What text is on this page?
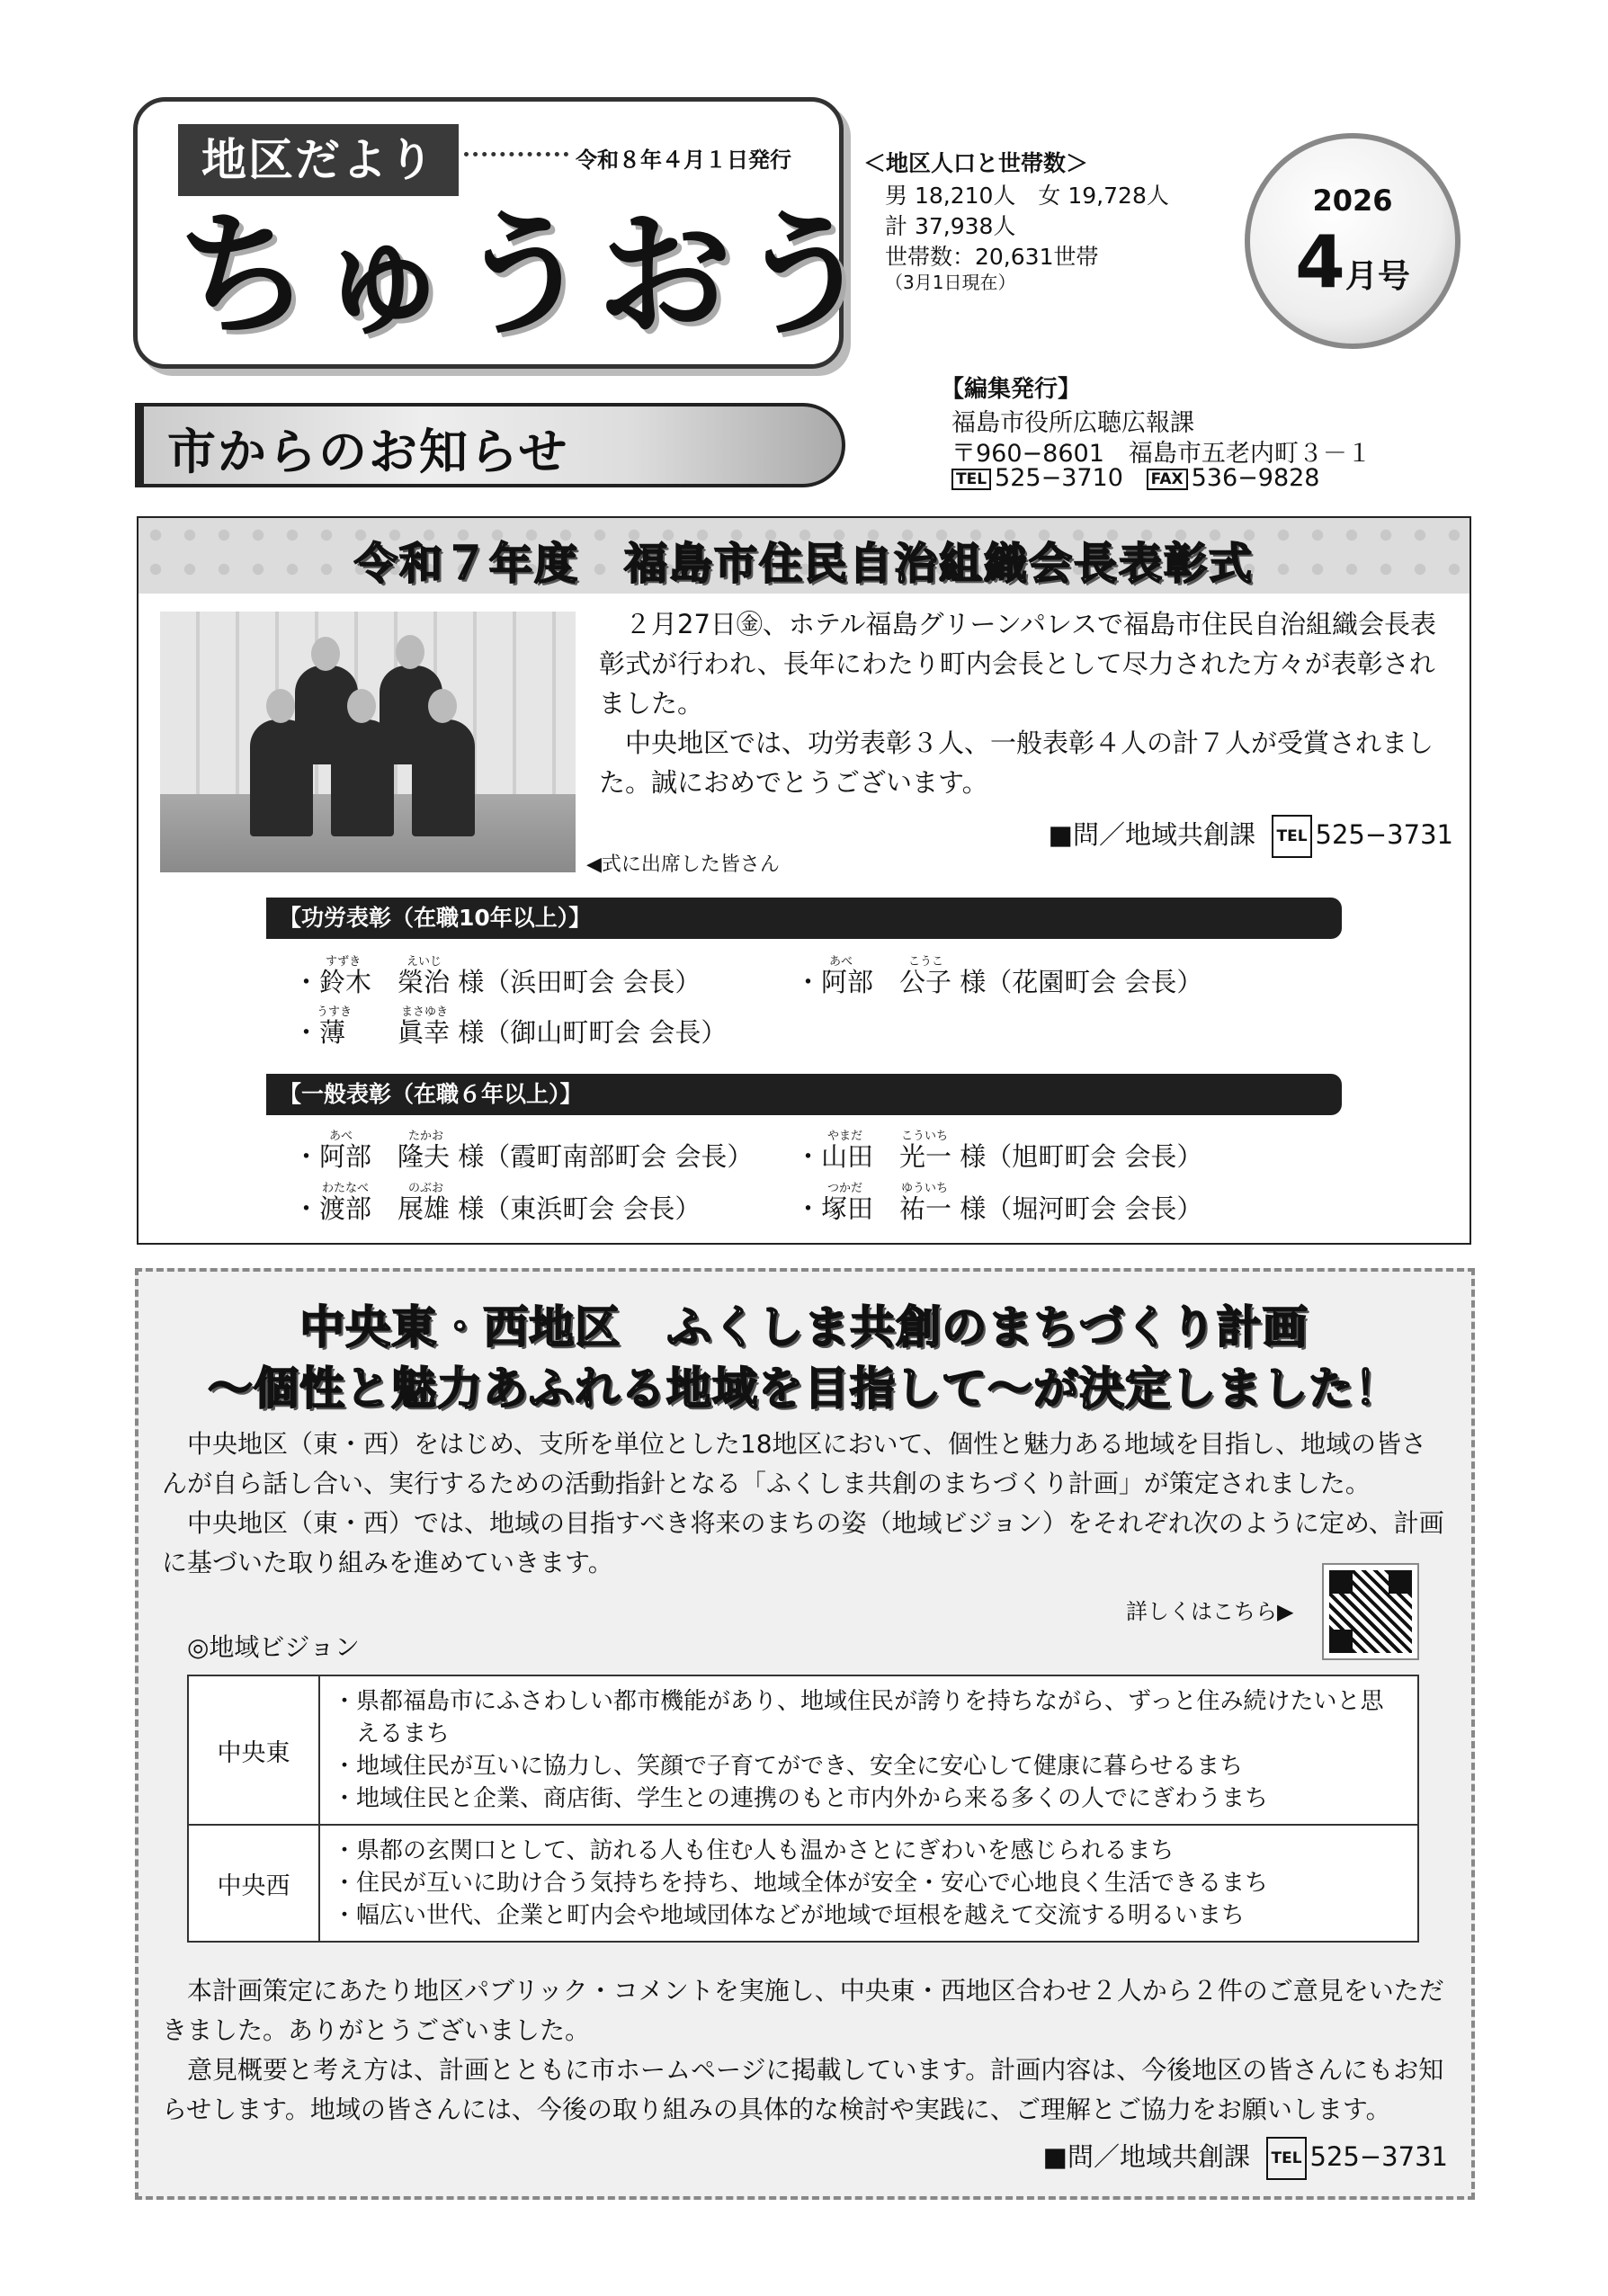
地区だより	令和８年４月１日発行
ちゅうおう
＜地区人口と世帯数＞
男 18,210人　女 19,728人
計 37,938人
世帯数：20,631世帯
（3月1日現在）
2026
4月号
市からのお知らせ
【編集発行】
福島市役所広聴広報課
〒960−8601　福島市五老内町３－１
TEL 525−3710 FAX 536−9828
令和７年度　福島市住民自治組織会長表彰式
◀式に出席した皆さん

２月27日㊎、ホテル福島グリーンパレスで福島市住民自治組織会長表彰式が行われ、長年にわたり町内会長として尽力された方々が表彰されました。

中央地区では、功労表彰３人、一般表彰４人の計７人が受賞されました。誠におめでとうございます。

■問／地域共創課 TEL 525−3731
【功労表彰（在職10年以上）】
すずき	えいじ
・鈴木　榮治 様（浜田町会 会長）
あべ	こうこ
・阿部　公子 様（花園町会 会長）
うすき	まさゆき
・薄　　眞幸 様（御山町町会 会長）
【一般表彰（在職６年以上）】
あべ	たかお
・阿部　隆夫 様（霞町南部町会 会長）
やまだ	こういち
・山田　光一 様（旭町町会 会長）
わたなべ	のぶお
・渡部　展雄 様（東浜町会 会長）
つかだ	ゆういち
・塚田　祐一 様（堀河町会 会長）
中央東・西地区　ふくしま共創のまちづくり計画
～個性と魅力あふれる地域を目指して～が決定しました！

中央地区（東・西）をはじめ、支所を単位とした18地区において、個性と魅力ある地域を目指し、地域の皆さんが自ら話し合い、実行するための活動指針となる「ふくしま共創のまちづくり計画」が策定されました。

中央地区（東・西）では、地域の目指すべき将来のまちの姿（地域ビジョン）をそれぞれ次のように定め、計画に基づいた取り組みを進めていきます。

詳しくはこちら▶
◎地域ビジョン
中央東	・県都福島市にふさわしい都市機能があり、地域住民が誇りを持ちながら、ずっと住み続けたいと思えるまち
・地域住民が互いに協力し、笑顔で子育てができ、安全に安心して健康に暮らせるまち
・地域住民と企業、商店街、学生との連携のもと市内外から来る多くの人でにぎわうまち

中央西	・県都の玄関口として、訪れる人も住む人も温かさとにぎわいを感じられるまち
・住民が互いに助け合う気持ちを持ち、地域全体が安全・安心で心地良く生活できるまち
・幅広い世代、企業と町内会や地域団体などが地域で垣根を越えて交流する明るいまち

本計画策定にあたり地区パブリック・コメントを実施し、中央東・西地区合わせ２人から２件のご意見をいただきました。ありがとうございました。

意見概要と考え方は、計画とともに市ホームページに掲載しています。計画内容は、今後地区の皆さんにもお知らせします。地域の皆さんには、今後の取り組みの具体的な検討や実践に、ご理解とご協力をお願いします。

■問／地域共創課 TEL 525−3731
